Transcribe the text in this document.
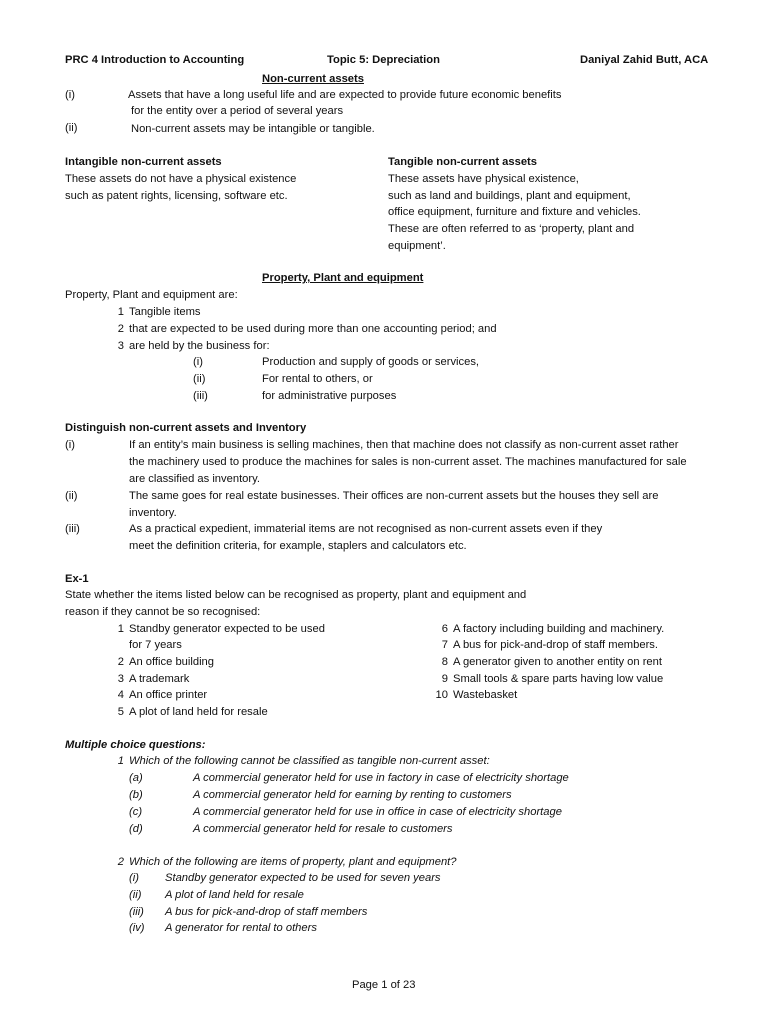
PRC 4 Introduction to Accounting	Topic 5: Depreciation	Daniyal Zahid Butt, ACA
Non-current assets
(i)	Assets that have a long useful life and are expected to provide future economic benefits
for the entity over a period of several years
(ii)	Non-current assets may be intangible or tangible.
Intangible non-current assets
These assets do not have a physical existence
such as patent rights, licensing, software etc.
Tangible non-current assets
These assets have physical existence,
such as land and buildings, plant and equipment,
office equipment, furniture and fixture and vehicles.
These are often referred to as ‘property, plant and
equipment’.
Property, Plant and equipment
Property, Plant and equipment are:
1 Tangible items
2 that are expected to be used during more than one accounting period; and
3 are held by the business for:
(i)	Production and supply of goods or services,
(ii)	For rental to others, or
(iii)	for administrative purposes
Distinguish non-current assets and Inventory
(i)	If an entity’s main business is selling machines, then that machine does not classify as non-current asset rather
the machinery used to produce the machines for sales is non-current asset. The machines manufactured for sale
are classified as inventory.
(ii)	The same goes for real estate businesses. Their offices are non-current assets but the houses they sell are
inventory.
(iii)	As a practical expedient, immaterial items are not recognised as non-current assets even if they
meet the definition criteria, for example, staplers and calculators etc.
Ex-1
State whether the items listed below can be recognised as property, plant and equipment and
reason if they cannot be so recognised:
1 Standby generator expected to be used
for 7 years
2 An office building
3 A trademark
4 An office printer
5 A plot of land held for resale
6 A factory including building and machinery.
7 A bus for pick-and-drop of staff members.
8 A generator given to another entity on rent
9 Small tools & spare parts having low value
10 Wastebasket
Multiple choice questions:
1 Which of the following cannot be classified as tangible non-current asset:
(a)	A commercial generator held for use in factory in case of electricity shortage
(b)	A commercial generator held for earning by renting to customers
(c)	A commercial generator held for use in office in case of electricity shortage
(d)	A commercial generator held for resale to customers
2 Which of the following are items of property, plant and equipment?
(i) Standby generator expected to be used for seven years
(ii) A plot of land held for resale
(iii) A bus for pick-and-drop of staff members
(iv) A generator for rental to others
Page 1 of 23
